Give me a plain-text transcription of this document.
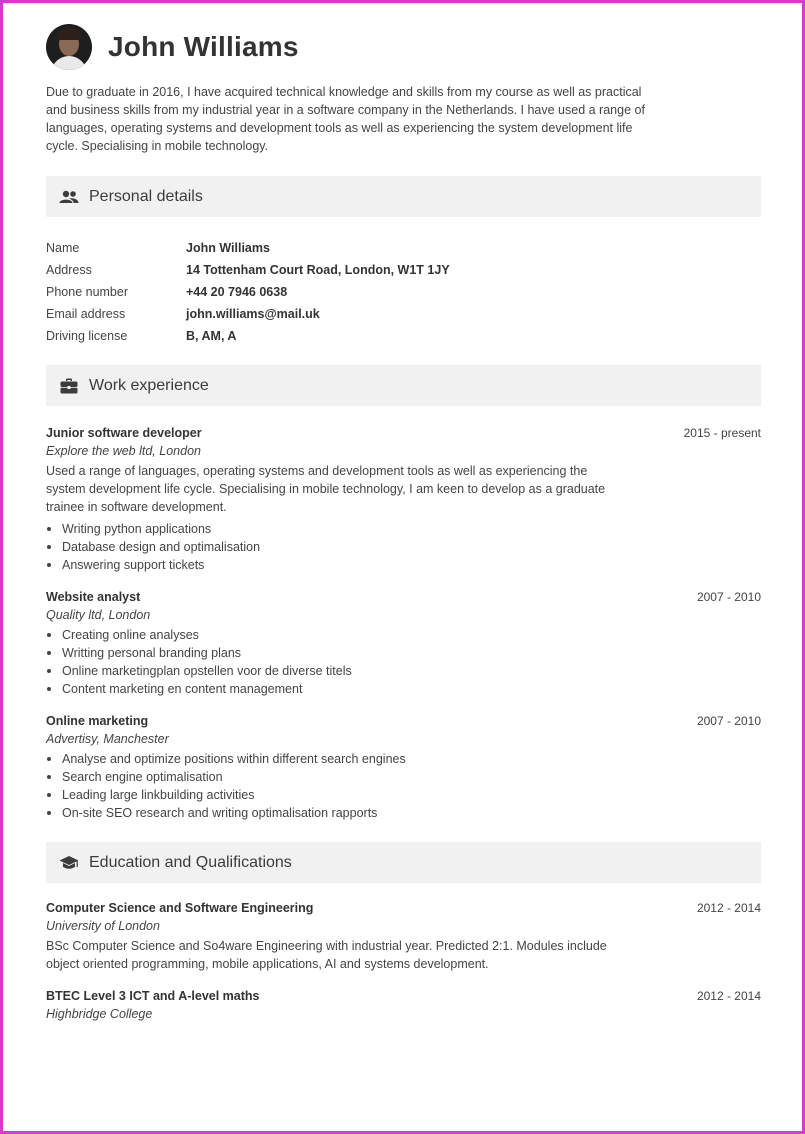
John Williams
Due to graduate in 2016, I have acquired technical knowledge and skills from my course as well as practical and business skills from my industrial year in a software company in the Netherlands. I have used a range of languages, operating systems and development tools as well as experiencing the system development life cycle. Specialising in mobile technology.
Personal details
Name	John Williams
Address	14 Tottenham Court Road, London, W1T 1JY
Phone number	+44 20 7946 0638
Email address	john.williams@mail.uk
Driving license	B, AM, A
Work experience
Junior software developer	2015 - present
Explore the web ltd, London
Used a range of languages, operating systems and development tools as well as experiencing the system development life cycle. Specialising in mobile technology, I am keen to develop as a graduate trainee in software development.
Writing python applications
Database design and optimalisation
Answering support tickets
Website analyst	2007 - 2010
Quality ltd, London
Creating online analyses
Writting personal branding plans
Online marketingplan opstellen voor de diverse titels
Content marketing en content management
Online marketing	2007 - 2010
Advertisy, Manchester
Analyse and optimize positions within different search engines
Search engine optimalisation
Leading large linkbuilding activities
On-site SEO research and writing optimalisation rapports
Education and Qualifications
Computer Science and Software Engineering	2012 - 2014
University of London
BSc Computer Science and So4ware Engineering with industrial year. Predicted 2:1. Modules include object oriented programming, mobile applications, AI and systems development.
BTEC Level 3 ICT and A-level maths	2012 - 2014
Highbridge College
